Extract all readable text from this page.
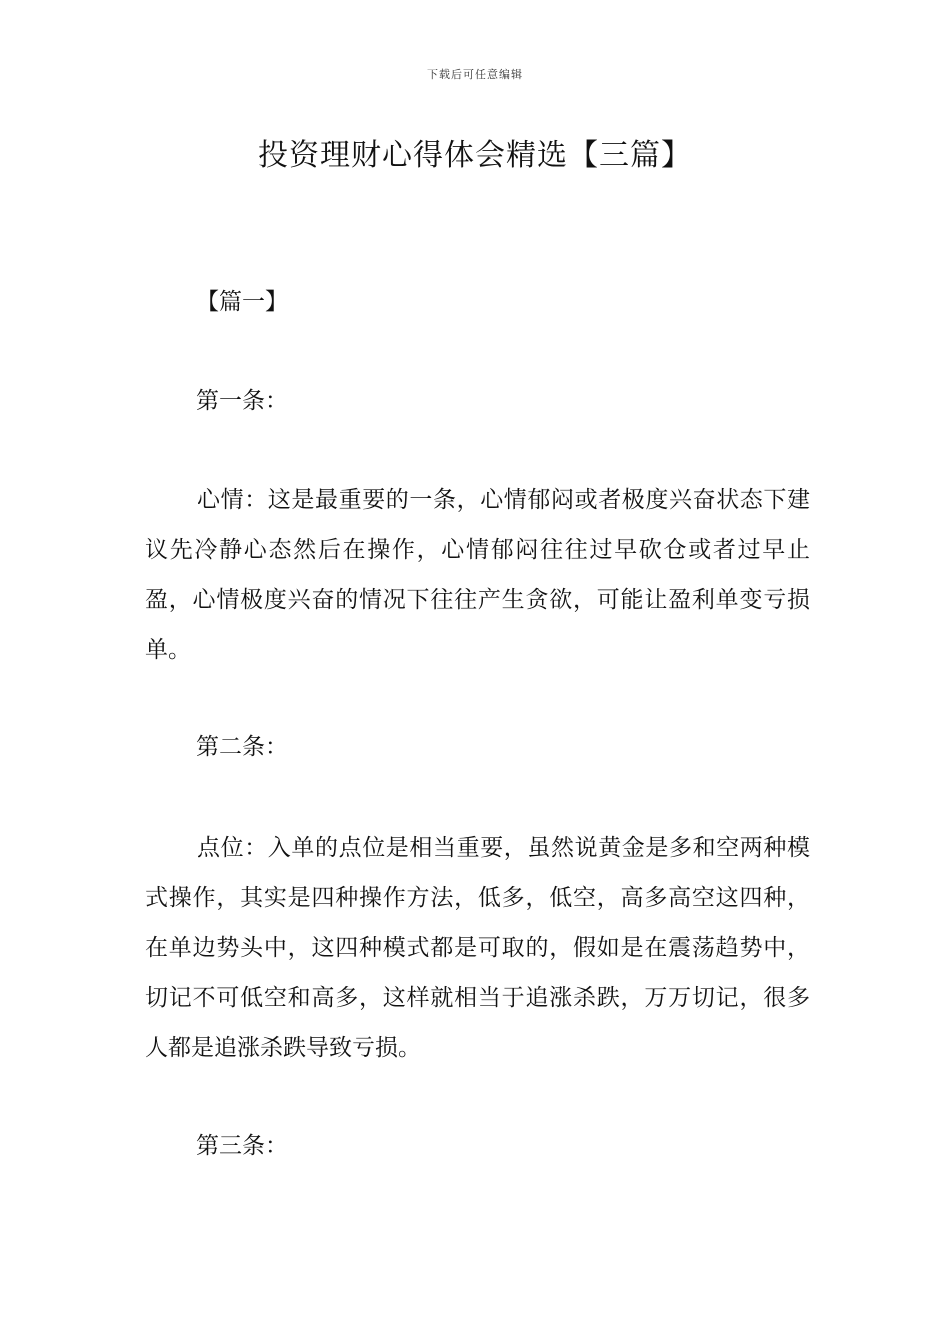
下载后可任意编辑
投资理财心得体会精选【三篇】
【篇一】
第一条：

心情：这是最重要的一条，心情郁闷或者极度兴奋状态下建议先冷静心态然后在操作，心情郁闷往往过早砍仓或者过早止盈，心情极度兴奋的情况下往往产生贪欲，可能让盈利单变亏损单。

第二条：

点位：入单的点位是相当重要，虽然说黄金是多和空两种模式操作，其实是四种操作方法，低多，低空，高多高空这四种，在单边势头中，这四种模式都是可取的，假如是在震荡趋势中，切记不可低空和高多，这样就相当于追涨杀跌，万万切记，很多人都是追涨杀跌导致亏损。

第三条：
